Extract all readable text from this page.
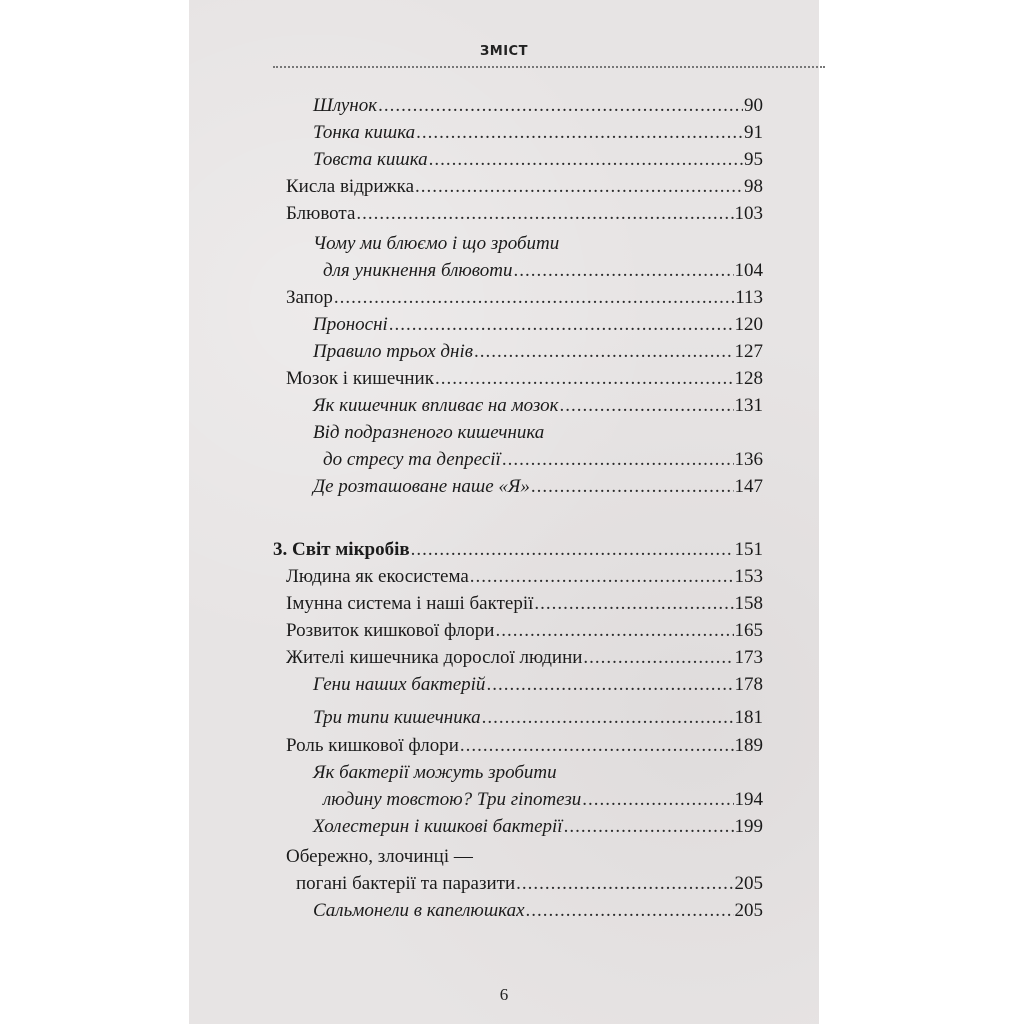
ЗМІСТ
Шлунок .....	90
Тонка кишка .....	91
Товста кишка .....	95
Кисла відрижка .....	98
Блювота .....	103
Чому ми блюємо і що зробити
для уникнення блювоти .....	104
Запор .....	113
Проносні .....	120
Правило трьох днів .....	127
Мозок і кишечник .....	128
Як кишечник впливає на мозок .....	131
Від подразненого кишечника
до стресу та депресії .....	136
Де розташоване наше «Я» .....	147
3. Світ мікробів .....	151
Людина як екосистема .....	153
Імунна система і наші бактерії .....	158
Розвиток кишкової флори .....	165
Жителі кишечника дорослої людини .....	173
Гени наших бактерій .....	178
Три типи кишечника .....	181
Роль кишкової флори .....	189
Як бактерії можуть зробити
людину товстою? Три гіпотези .....	194
Холестерин і кишкові бактерії .....	199
Обережно, злочинці —
погані бактерії та паразити .....	205
Сальмонели в капелюшках .....	205
6
